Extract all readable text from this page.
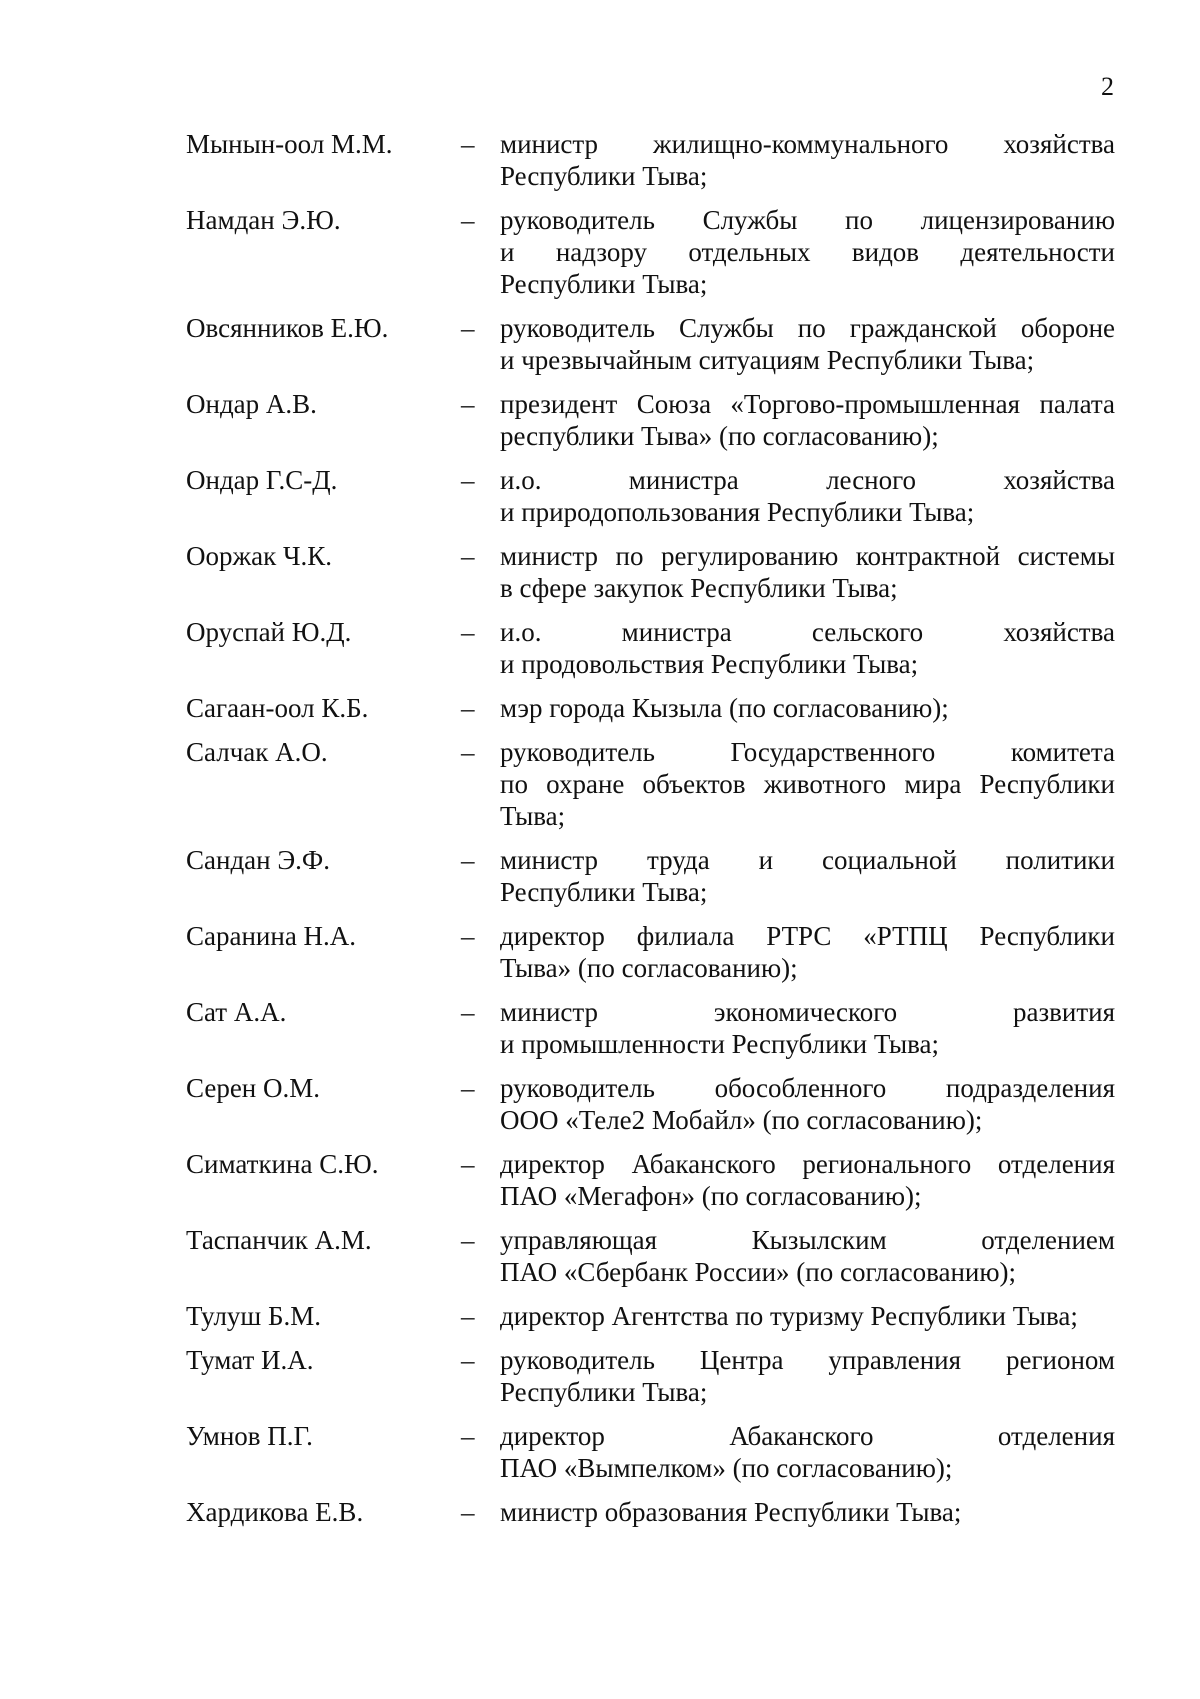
2
Мынын-оол М.М.	– министр жилищно-коммунального хозяйства
Республики Тыва;
Намдан Э.Ю.	– руководитель Службы по лицензированию
и надзору отдельных видов деятельности
Республики Тыва;
Овсянников Е.Ю.	– руководитель Службы по гражданской обороне
и чрезвычайным ситуациям Республики Тыва;
Ондар А.В.	– президент Союза «Торгово-промышленная палата
республики Тыва» (по согласованию);
Ондар Г.С-Д.	– и.о. министра лесного хозяйства
и природопользования Республики Тыва;
Ооржак Ч.К.	– министр по регулированию контрактной системы
в сфере закупок Республики Тыва;
Оруспай Ю.Д.	– и.о. министра сельского хозяйства
и продовольствия Республики Тыва;
Сагаан-оол К.Б.	– мэр города Кызыла (по согласованию);
Салчак А.О.	– руководитель Государственного комитета
по охране объектов животного мира Республики
Тыва;
Сандан Э.Ф.	– министр труда и социальной политики
Республики Тыва;
Саранина Н.А.	– директор филиала РТРС «РТПЦ Республики
Тыва» (по согласованию);
Сат А.А.	– министр экономического развития
и промышленности Республики Тыва;
Серен О.М.	– руководитель обособленного подразделения
ООО «Теле2 Мобайл» (по согласованию);
Симаткина С.Ю.	– директор Абаканского регионального отделения
ПАО «Мегафон» (по согласованию);
Таспанчик А.М.	– управляющая Кызылским отделением
ПАО «Сбербанк России» (по согласованию);
Тулуш Б.М.	– директор Агентства по туризму Республики Тыва;
Тумат И.А.	– руководитель Центра управления регионом
Республики Тыва;
Умнов П.Г.	– директор Абаканского отделения
ПАО «Вымпелком» (по согласованию);
Хардикова Е.В.	– министр образования Республики Тыва;
